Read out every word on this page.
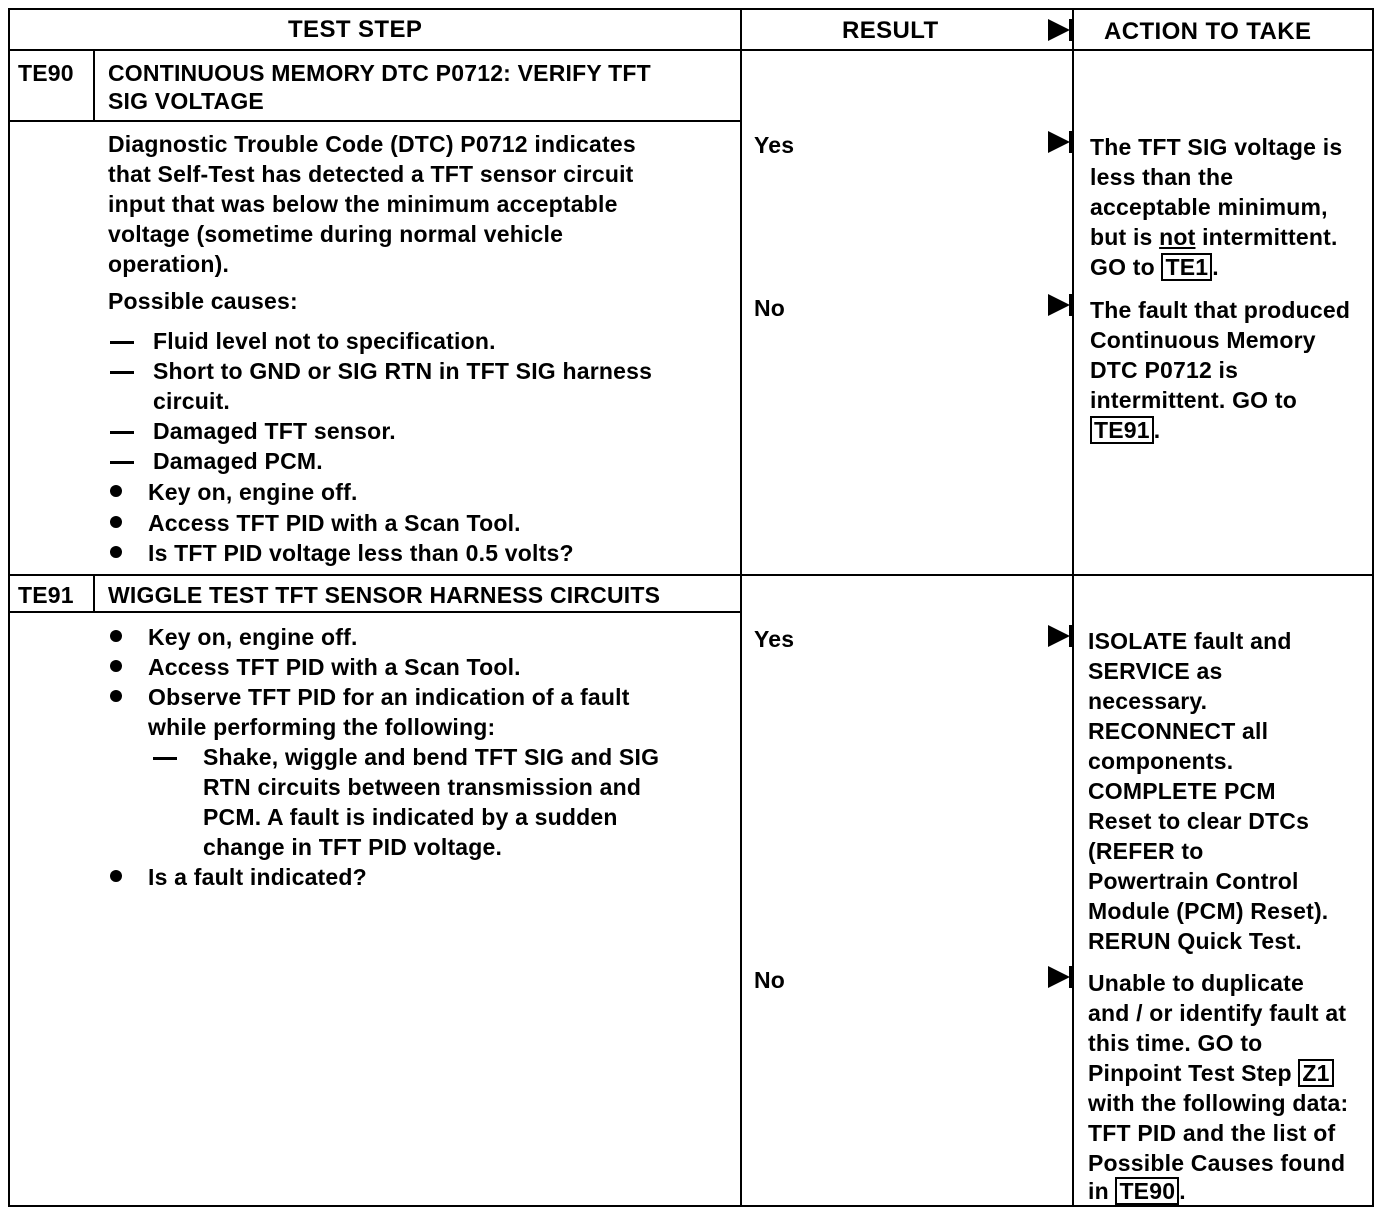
TEST STEP	RESULT	ACTION TO TAKE
TE90 CONTINUOUS MEMORY DTC P0712: VERIFY TFT
SIG VOLTAGE
Diagnostic Trouble Code (DTC) P0712 indicates
that Self-Test has detected a TFT sensor circuit
input that was below the minimum acceptable
voltage (sometime during normal vehicle
operation).
Possible causes:
Fluid level not to specification.
Short to GND or SIG RTN in TFT SIG harness
circuit.
Damaged TFT sensor.
Damaged PCM.
Key on, engine off.
Access TFT PID with a Scan Tool.
Is TFT PID voltage less than 0.5 volts?
Yes
No
The TFT SIG voltage is
less than the
acceptable minimum,
but is not intermittent.
GO to TE1 .
The fault that produced
Continuous Memory
DTC P0712 is
intermittent. GO to
TE91 .
TE91 WIGGLE TEST TFT SENSOR HARNESS CIRCUITS
Key on, engine off.
Access TFT PID with a Scan Tool.
Observe TFT PID for an indication of a fault
while performing the following:
Shake, wiggle and bend TFT SIG and SIG
RTN circuits between transmission and
PCM. A fault is indicated by a sudden
change in TFT PID voltage.
Is a fault indicated?
Yes
No
ISOLATE fault and
SERVICE as
necessary.
RECONNECT all
components.
COMPLETE PCM
Reset to clear DTCs
(REFER to
Powertrain Control
Module (PCM) Reset).
RERUN Quick Test.
Unable to duplicate
and / or identify fault at
this time. GO to
Pinpoint Test Step Z1
with the following data:
TFT PID and the list of
Possible Causes found
in TE90 .
